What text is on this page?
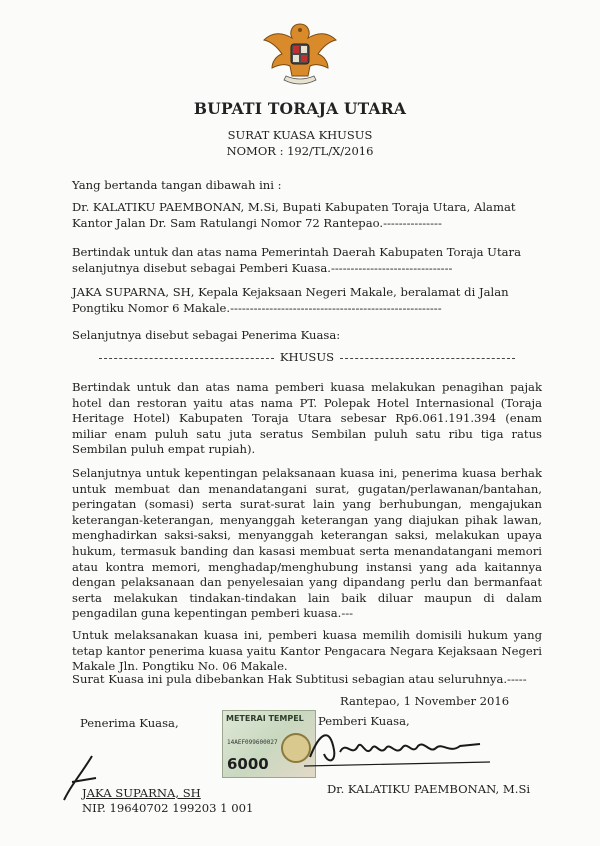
BUPATI TORAJA UTARA
SURAT KUASA KHUSUS
NOMOR : 192/TL/X/2016
Yang bertanda tangan dibawah ini :
Dr. KALATIKU PAEMBONAN, M.Si, Bupati Kabupaten Toraja Utara, Alamat
Kantor Jalan Dr. Sam Ratulangi Nomor 72 Rantepao.---------------
Bertindak untuk dan atas nama Pemerintah Daerah Kabupaten Toraja Utara
selanjutnya disebut sebagai Pemberi Kuasa.-------------------------------
JAKA SUPARNA, SH, Kepala Kejaksaan Negeri Makale, beralamat di Jalan
Pongtiku Nomor 6 Makale.------------------------------------------------------
Selanjutnya disebut sebagai Penerima Kuasa:
KHUSUS
Bertindak untuk dan atas nama pemberi kuasa melakukan penagihan pajak hotel dan restoran yaitu atas nama PT. Polepak Hotel Internasional (Toraja Heritage Hotel) Kabupaten Toraja Utara sebesar Rp6.061.191.394 (enam miliar enam puluh satu juta seratus Sembilan puluh satu ribu tiga ratus Sembilan puluh empat rupiah).
Selanjutnya untuk kepentingan pelaksanaan kuasa ini, penerima kuasa berhak untuk membuat dan menandatangani surat, gugatan/perlawanan/bantahan, peringatan (somasi) serta surat-surat lain yang berhubungan, mengajukan keterangan-keterangan, menyanggah keterangan yang diajukan pihak lawan, menghadirkan saksi-saksi, menyanggah keterangan saksi, melakukan upaya hukum, termasuk banding dan kasasi membuat serta menandatangani memori atau kontra memori, menghadap/menghubung instansi yang ada kaitannya dengan pelaksanaan dan penyelesaian yang dipandang perlu dan bermanfaat serta melakukan tindakan-tindakan lain baik diluar maupun di dalam pengadilan guna kepentingan pemberi kuasa.---
Untuk melaksanakan kuasa ini, pemberi kuasa memilih domisili hukum yang tetap kantor penerima kuasa yaitu Kantor Pengacara Negara Kejaksaan Negeri Makale Jln. Pongtiku No. 06 Makale.
Surat Kuasa ini pula dibebankan Hak Subtitusi sebagian atau seluruhnya.-----
Rantepao, 1 November 2016
Penerima Kuasa,	Pemberi Kuasa,
METERAI TEMPEL
14AEF099600027
6000
Dr. KALATIKU PAEMBONAN, M.Si
JAKA SUPARNA, SH
NIP. 19640702 199203 1 001
